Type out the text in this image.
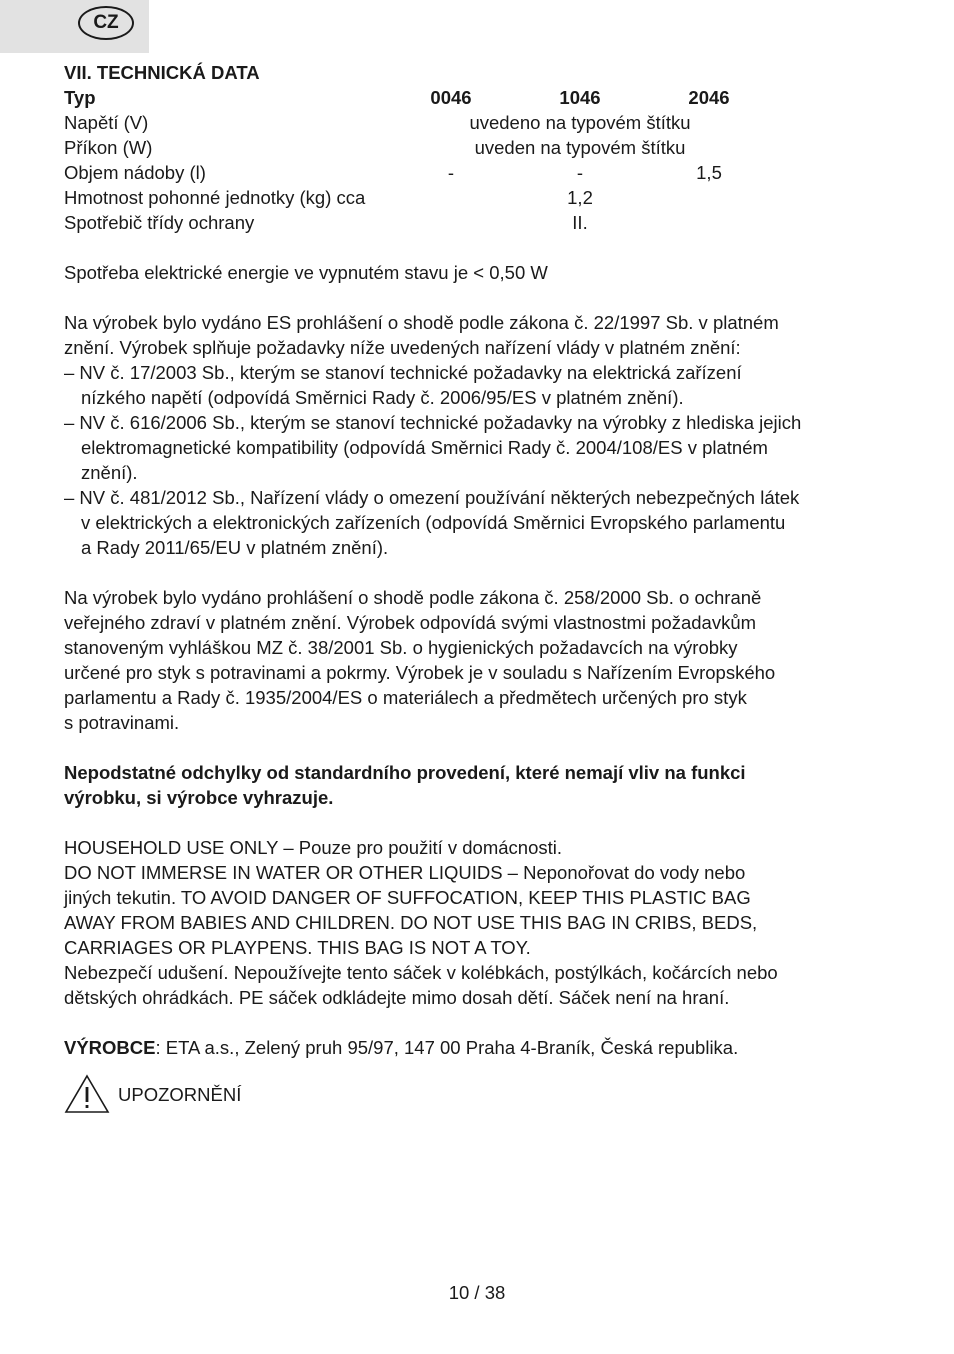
CZ
VII. TECHNICKÁ DATA
Typ	0046	1046	2046
Napětí (V)	uvedeno na typovém štítku
Příkon (W)	uveden na typovém štítku
Objem nádoby (l)	-	-	1,5
Hmotnost pohonné jednotky (kg) cca	1,2
Spotřebič třídy ochrany	II.

Spotřeba elektrické energie ve vypnutém stavu je < 0,50 W

Na výrobek bylo vydáno ES prohlášení o shodě podle zákona č. 22/1997 Sb. v platném

znění. Výrobek splňuje požadavky níže uvedených nařízení vlády v platném znění:

– NV č. 17/2003 Sb., kterým se stanoví technické požadavky na elektrická zařízení

nízkého napětí (odpovídá Směrnici Rady č. 2006/95/ES v platném znění).

– NV č. 616/2006 Sb., kterým se stanoví technické požadavky na výrobky z hlediska jejich

elektromagnetické kompatibility (odpovídá Směrnici Rady č. 2004/108/ES v platném

znění).

– NV č. 481/2012 Sb., Nařízení vlády o omezení používání některých nebezpečných látek

v elektrických a elektronických zařízeních (odpovídá Směrnici Evropského parlamentu

a Rady 2011/65/EU v platném znění).

Na výrobek bylo vydáno prohlášení o shodě podle zákona č. 258/2000 Sb. o ochraně

veřejného zdraví v platném znění. Výrobek odpovídá svými vlastnostmi požadavkům

stanoveným vyhláškou MZ č. 38/2001 Sb. o hygienických požadavcích na výrobky

určené pro styk s potravinami a pokrmy. Výrobek je v souladu s Nařízením Evropského

parlamentu a Rady č. 1935/2004/ES o materiálech a předmětech určených pro styk

s potravinami.

Nepodstatné odchylky od standardního provedení, které nemají vliv na funkci

výrobku, si výrobce vyhrazuje.

HOUSEHOLD USE ONLY – Pouze pro použití v domácnosti.

DO NOT IMMERSE IN WATER OR OTHER LIQUIDS – Neponořovat do vody nebo

jiných tekutin. TO AVOID DANGER OF SUFFOCATION, KEEP THIS PLASTIC BAG

AWAY FROM BABIES AND CHILDREN. DO NOT USE THIS BAG IN CRIBS, BEDS,

CARRIAGES OR PLAYPENS. THIS BAG IS NOT A TOY.

Nebezpečí udušení. Nepoužívejte tento sáček v kolébkách, postýlkách, kočárcích nebo

dětských ohrádkách. PE sáček odkládejte mimo dosah dětí. Sáček není na hraní.

VÝROBCE: ETA a.s., Zelený pruh 95/97, 147 00 Praha 4-Braník, Česká republika.

UPOZORNĚNÍ
10 / 38
